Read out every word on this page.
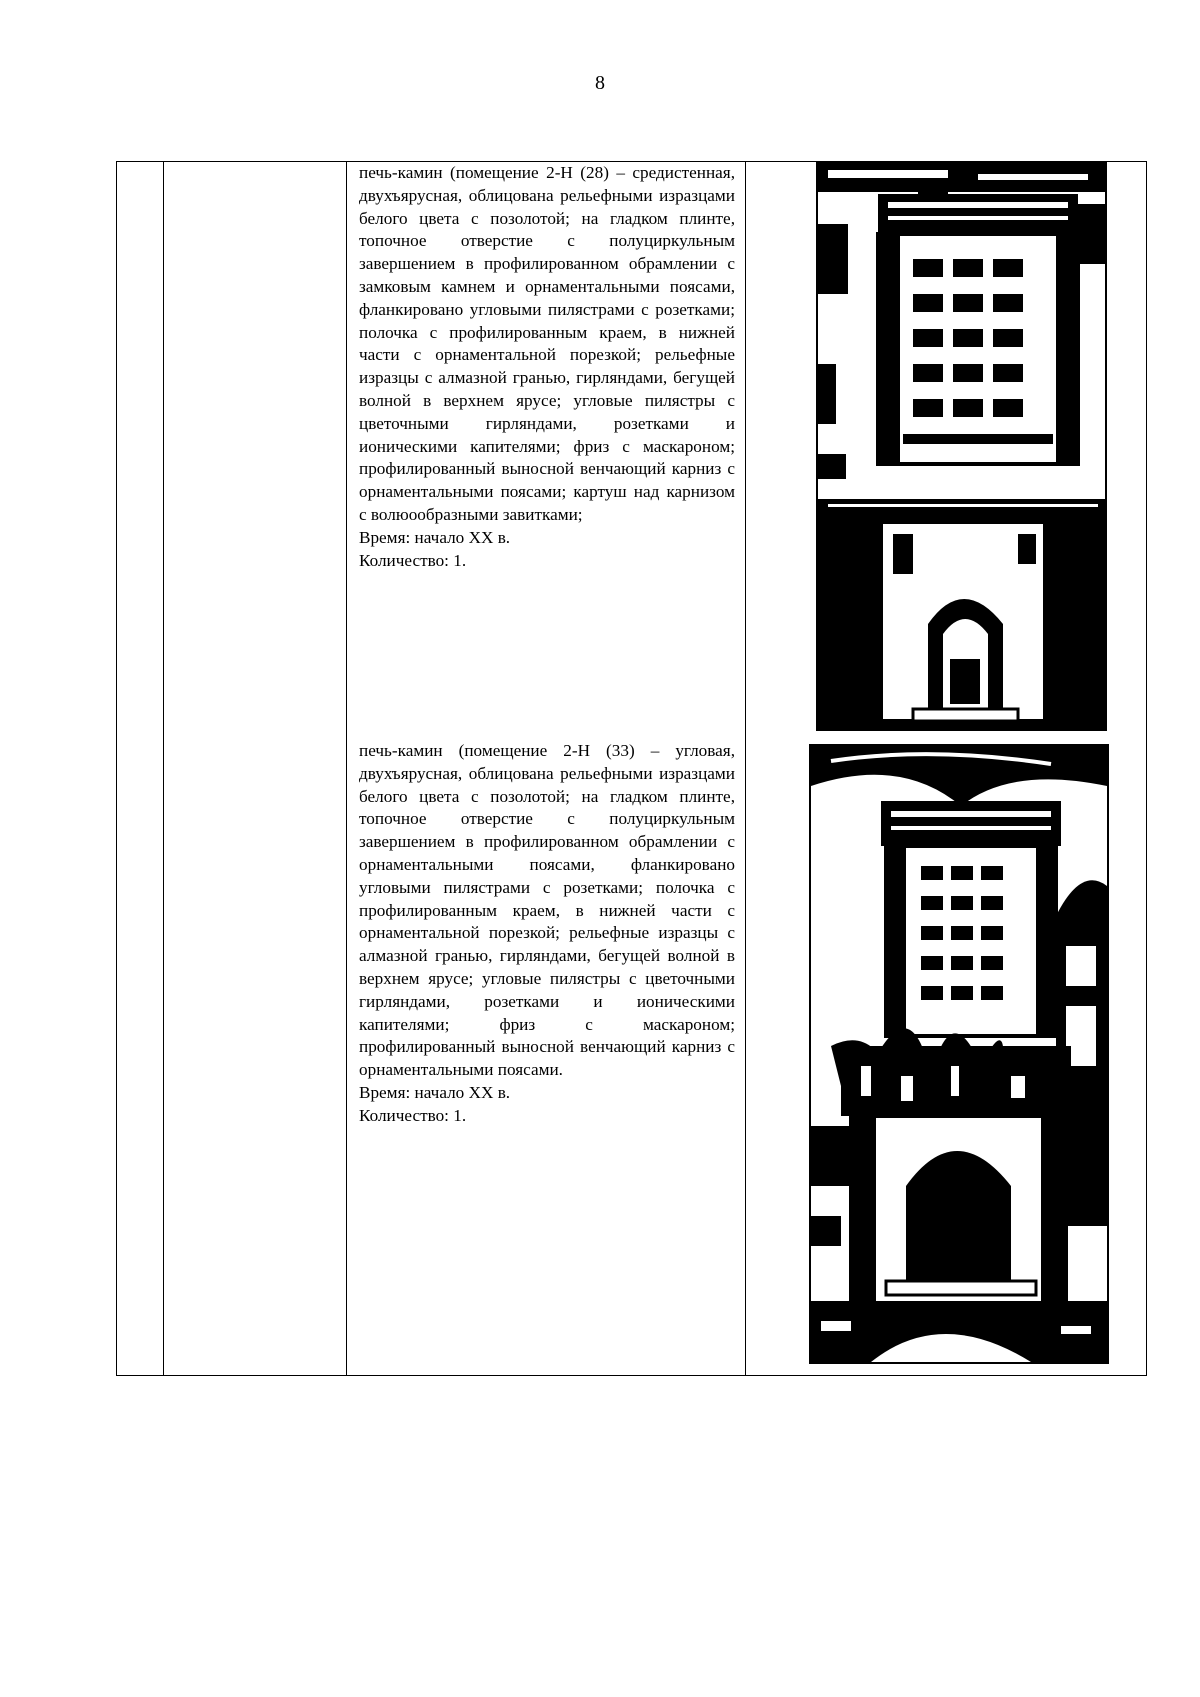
8

печь-камин (помещение 2-Н (28) – средистенная, двухъярусная, облицована рельефными изразцами белого цвета с позолотой; на гладком плинте, топочное отверстие с полуциркульным завершением в профилированном обрамлении с замковым камнем и орнаментальными поясами, фланкировано угловыми пилястрами с розетками; полочка с профилированным краем, в нижней части с орнаментальной порезкой; рельефные изразцы с алмазной гранью, гирляндами, бегущей волной в верхнем ярусе; угловые пилястры с цветочными гирляндами, розетками и ионическими капителями; фриз с маскароном; профилированный выносной венчающий карниз с орнаментальными поясами; картуш над карнизом с волюообразными завитками;

Время: начало XX в.

Количество: 1.

печь-камин (помещение 2-Н (33) – угловая, двухъярусная, облицована рельефными изразцами белого цвета с позолотой; на гладком плинте, топочное отверстие с полуциркульным завершением в профилированном обрамлении с орнаментальными поясами, фланкировано угловыми пилястрами с розетками; полочка с профилированным краем, в нижней части с орнаментальной порезкой; рельефные изразцы с алмазной гранью, гирляндами, бегущей волной в верхнем ярусе; угловые пилястры с цветочными гирляндами, розетками и ионическими капителями; фриз с маскароном; профилированный выносной венчающий карниз с орнаментальными поясами.

Время: начало XX в.

Количество: 1.
